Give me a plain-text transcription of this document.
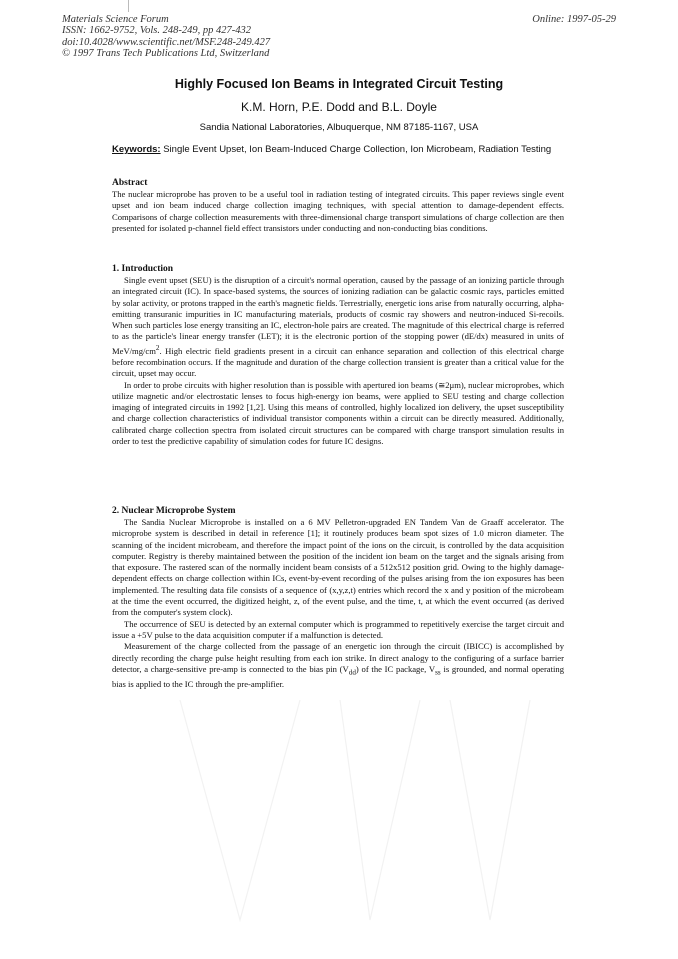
Materials Science Forum
ISSN: 1662-9752, Vols. 248-249, pp 427-432
doi:10.4028/www.scientific.net/MSF.248-249.427
© 1997 Trans Tech Publications Ltd, Switzerland
Online: 1997-05-29
Highly Focused Ion Beams in Integrated Circuit Testing
K.M. Horn, P.E. Dodd and B.L. Doyle
Sandia National Laboratories, Albuquerque, NM 87185-1167, USA
Keywords: Single Event Upset, Ion Beam-Induced Charge Collection, Ion Microbeam, Radiation Testing
Abstract

The nuclear microprobe has proven to be a useful tool in radiation testing of integrated circuits. This paper reviews single event upset and ion beam induced charge collection imaging techniques, with special attention to damage-dependent effects. Comparisons of charge collection measurements with three-dimensional charge transport simulations of charge collection are then presented for isolated p-channel field effect transistors under conducting and non-conducting bias conditions.

1. Introduction

Single event upset (SEU) is the disruption of a circuit's normal operation, caused by the passage of an ionizing particle through an integrated circuit (IC). In space-based systems, the sources of ionizing radiation can be galactic cosmic rays, particles emitted by solar activity, or protons trapped in the earth's magnetic fields. Terrestrially, energetic ions arise from naturally occurring, alpha-emitting transuranic impurities in IC manufacturing materials, products of cosmic ray showers and neutron-induced Si-recoils. When such particles lose energy transiting an IC, electron-hole pairs are created. The magnitude of this electrical charge is referred to as the particle's linear energy transfer (LET); it is the electronic portion of the stopping power (dE/dx) measured in units of MeV/$mg/cm^2$. High electric field gradients present in a circuit can enhance separation and collection of this electrical charge before recombination occurs. If the magnitude and duration of the charge collection transient is greater than a critical value for the circuit, upset may occur.

In order to probe circuits with higher resolution than is possible with apertured ion beams (≅2μm), nuclear microprobes, which utilize magnetic and/or electrostatic lenses to focus high-energy ion beams, were applied to SEU testing and charge collection imaging of integrated circuits in 1992 [1,2]. Using this means of controlled, highly localized ion delivery, the upset susceptibility and charge collection characteristics of individual transistor components within a circuit can be directly measured. Additionally, calibrated charge collection spectra from isolated circuit structures can be compared with charge transport simulation results in order to test the predictive capability of simulation codes for future IC designs.

2. Nuclear Microprobe System

The Sandia Nuclear Microprobe is installed on a 6 MV Pelletron-upgraded EN Tandem Van de Graaff accelerator. The microprobe system is described in detail in reference [1]; it routinely produces beam spot sizes of 1.0 micron diameter. The scanning of the incident microbeam, and therefore the impact point of the ions on the circuit, is controlled by the data acquisition computer. Registry is thereby maintained between the position of the incident ion beam on the target and the signals arising from that exposure. The rastered scan of the normally incident beam consists of a 512x512 position grid. Owing to the highly damage-dependent effects on charge collection within ICs, event-by-event recording of the pulses arising from the ion exposures has been implemented. The resulting data file consists of a sequence of (x,y,z,t) entries which record the x and y position of the microbeam at the time the event occurred, the digitized height, z, of the event pulse, and the time, t, at which the event occurred (as derived from the computer's system clock).

The occurrence of SEU is detected by an external computer which is programmed to repetitively exercise the target circuit and issue a +5V pulse to the data acquisition computer if a malfunction is detected.

Measurement of the charge collected from the passage of an energetic ion through the circuit (IBICC) is accomplished by directly recording the charge pulse height resulting from each ion strike. In direct analogy to the configuring of a surface barrier detector, a charge-sensitive pre-amp is connected to the bias pin $(V_{dd})$ of the IC package, $V_{ss}$ is grounded, and normal operating bias is applied to the IC through the pre-amplifier.
